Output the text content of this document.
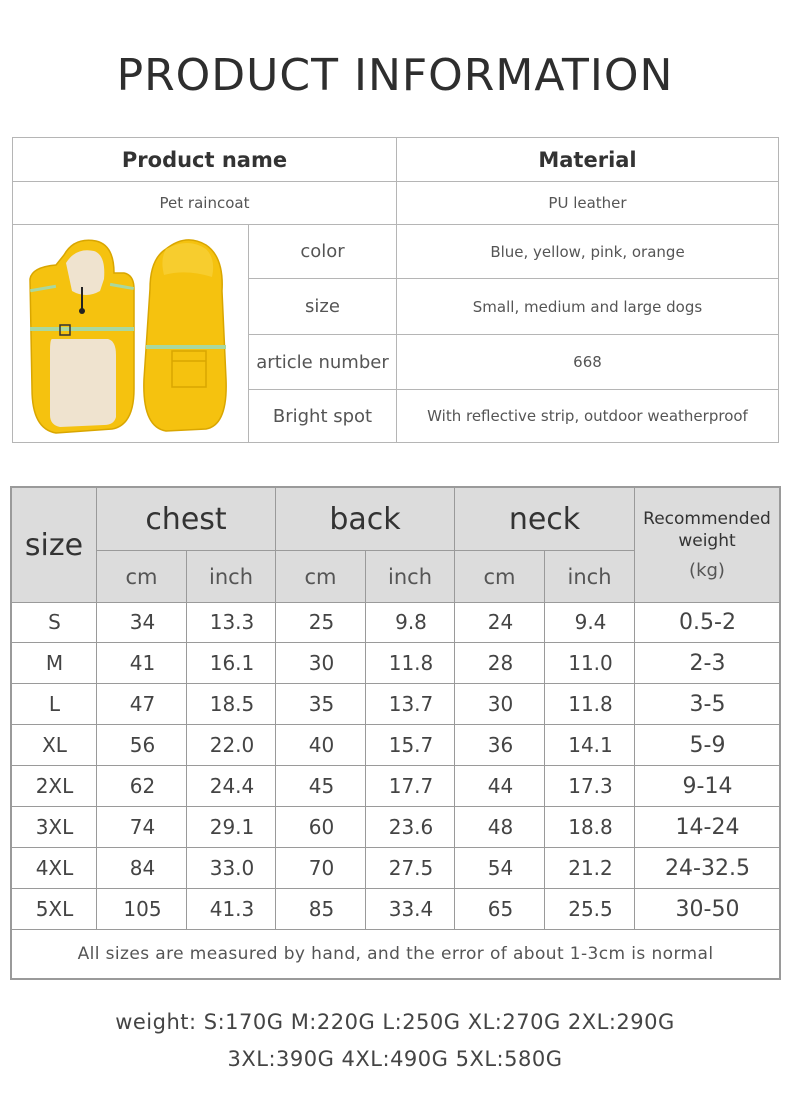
PRODUCT INFORMATION
Product name	Material
Pet raincoat	PU leather
color	Blue, yellow, pink, orange
size	Small, medium and large dogs
article number	668
Bright spot	With reflective strip, outdoor weatherproof
size
chest	back	neck
cm	inch	cm	inch	cm	inch
Recommended
weight
(kg)
S	34	13.3	25	9.8	24	9.4	0.5-2
M	41	16.1	30	11.8	28	11.0	2-3
L	47	18.5	35	13.7	30	11.8	3-5
XL	56	22.0	40	15.7	36	14.1	5-9
2XL	62	24.4	45	17.7	44	17.3	9-14
3XL	74	29.1	60	23.6	48	18.8	14-24
4XL	84	33.0	70	27.5	54	21.2	24-32.5
5XL	105	41.3	85	33.4	65	25.5	30-50
All sizes are measured by hand, and the error of about 1-3cm is normal
weight: S:170G M:220G L:250G XL:270G 2XL:290G
3XL:390G 4XL:490G 5XL:580G
